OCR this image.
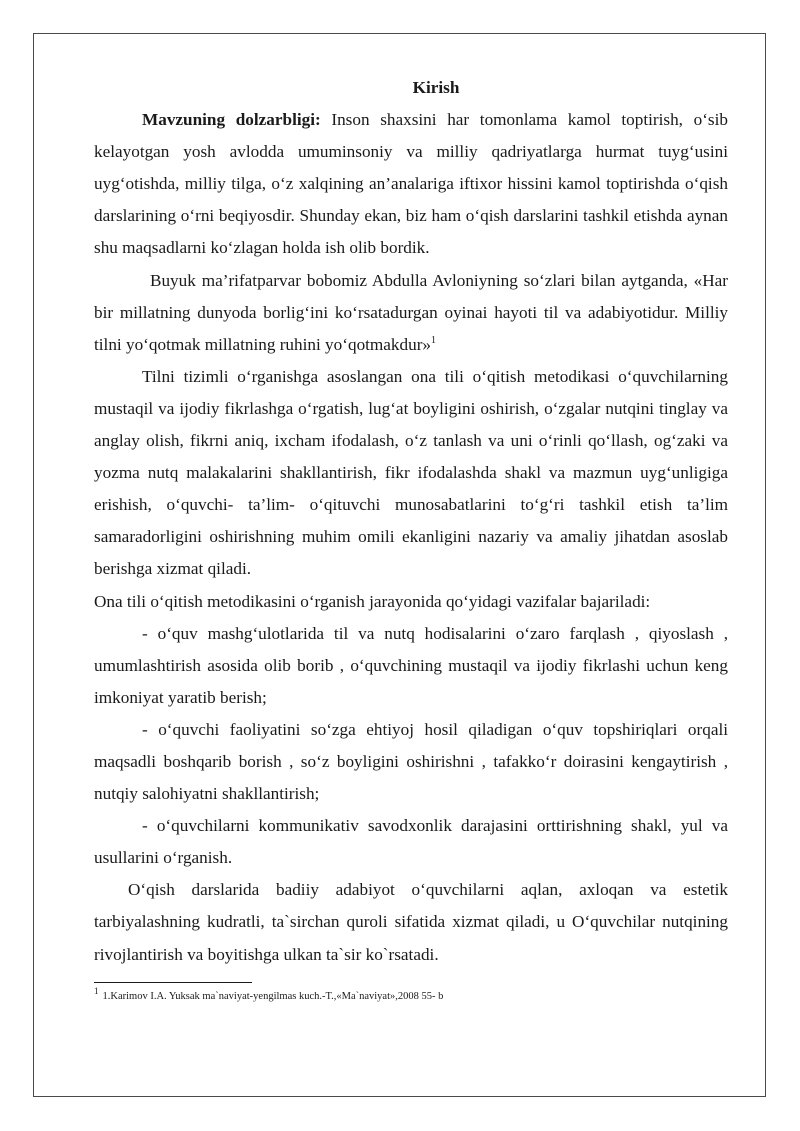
Kirish

Mavzuning dolzarbligi: Inson shaxsini har tomonlama kamol toptirish, o‘sib kelayotgan yosh avlodda umuminsoniy va milliy qadriyatlarga hurmat tuyg‘usini uyg‘otishda, milliy tilga, o‘z xalqining an’analariga iftixor hissini kamol toptirishda o‘qish darslarining o‘rni beqiyosdir. Shunday ekan, biz ham o‘qish darslarini tashkil etishda aynan shu maqsadlarni ko‘zlagan holda ish olib bordik.

Buyuk ma’rifatparvar bobomiz Abdulla Avloniyning so‘zlari bilan aytganda, «Har bir millatning dunyoda borlig‘ini ko‘rsatadurgan oyinai hayoti til va adabiyotidur. Milliy tilni yo‘qotmak millatning ruhini yo‘qotmakdur»$^1$

Tilni tizimli o‘rganishga asoslangan ona tili o‘qitish metodikasi o‘quvchilarning mustaqil va ijodiy fikrlashga o‘rgatish, lug‘at boyligini oshirish, o‘zgalar nutqini tinglay va anglay olish, fikrni aniq, ixcham ifodalash, o‘z tanlash va uni o‘rinli qo‘llash, og‘zaki va yozma nutq malakalarini shakllantirish, fikr ifodalashda shakl va mazmun uyg‘unligiga erishish, o‘quvchi- ta’lim- o‘qituvchi munosabatlarini to‘g‘ri tashkil etish ta’lim samaradorligini oshirishning muhim omili ekanligini nazariy va amaliy jihatdan asoslab berishga xizmat qiladi.

Ona tili o‘qitish metodikasini o‘rganish jarayonida qo‘yidagi vazifalar bajariladi:

- o‘quv mashg‘ulotlarida til va nutq hodisalarini o‘zaro farqlash , qiyoslash , umumlashtirish asosida olib borib , o‘quvchining mustaqil va ijodiy fikrlashi uchun keng imkoniyat yaratib berish;

- o‘quvchi faoliyatini so‘zga ehtiyoj hosil qiladigan o‘quv topshiriqlari orqali maqsadli boshqarib borish , so‘z boyligini oshirishni , tafakko‘r doirasini kengaytirish , nutqiy salohiyatni shakllantirish;

- o‘quvchilarni kommunikativ savodxonlik darajasini orttirishning shakl, yul va usullarini o‘rganish.

O‘qish darslarida badiiy adabiyot o‘quvchilarni aqlan, axloqan va estetik tarbiyalashning kudratli, ta`sirchan quroli sifatida xizmat qiladi, u O‘quvchilar nutqining rivojlantirish va boyitishga ulkan ta`sir ko`rsatadi.

$^1$ 1.Karimov I.A. Yuksak ma`naviyat-yengilmas kuch.-T.,«Ma`naviyat»,2008 55- b
